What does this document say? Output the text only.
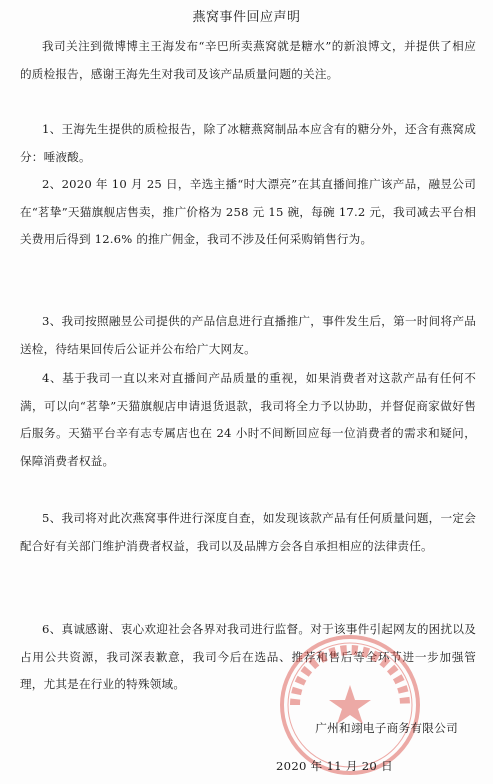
燕窝事件回应声明
我司关注到微博博主王海发布“辛巴所卖燕窝就是糖水”的新浪博文，并提供了相应的质检报告，感谢王海先生对我司及该产品质量问题的关注。
1、王海先生提供的质检报告，除了冰糖燕窝制品本应含有的糖分外，还含有燕窝成分：唾液酸。
2、2020 年 10 月 25 日，辛选主播“时大漂亮”在其直播间推广该产品，融昱公司在“茗挚”天猫旗舰店售卖，推广价格为 258 元 15 碗，每碗 17.2 元，我司减去平台相关费用后得到 12.6% 的推广佣金，我司不涉及任何采购销售行为。
3、我司按照融昱公司提供的产品信息进行直播推广，事件发生后，第一时间将产品送检，待结果回传后公证并公布给广大网友。
4、基于我司一直以来对直播间产品质量的重视，如果消费者对这款产品有任何不满，可以向“茗挚”天猫旗舰店申请退货退款，我司将全力予以协助，并督促商家做好售后服务。天猫平台辛有志专属店也在 24 小时不间断回应每一位消费者的需求和疑问，保障消费者权益。
5、我司将对此次燕窝事件进行深度自查，如发现该款产品有任何质量问题，一定会配合好有关部门维护消费者权益，我司以及品牌方会各自承担相应的法律责任。
6、真诚感谢、衷心欢迎社会各界对我司进行监督。对于该事件引起网友的困扰以及占用公共资源，我司深表歉意，我司今后在选品、推荐和售后等全环节进一步加强管理，尤其是在行业的特殊领域。
广州和翊电子商务有限公司
2020 年 11 月 20 日
